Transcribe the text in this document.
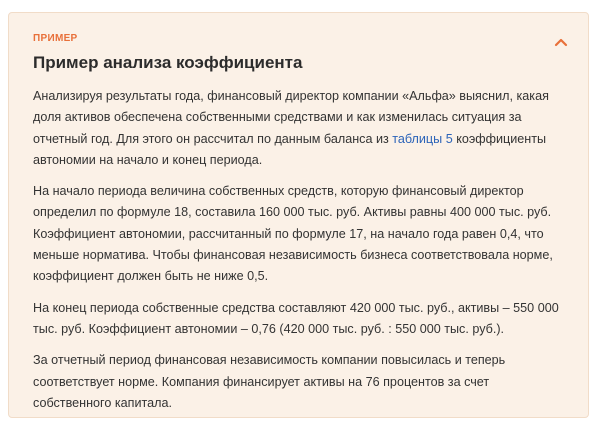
ПРИМЕР
Пример анализа коэффициента

Анализируя результаты года, финансовый директор компании «Альфа» выяснил, какая доля активов обеспечена собственными средствами и как изменилась ситуация за отчетный год. Для этого он рассчитал по данным баланса из таблицы 5 коэффициенты автономии на начало и конец периода.

На начало периода величина собственных средств, которую финансовый директор определил по формуле 18, составила 160 000 тыс. руб. Активы равны 400 000 тыс. руб. Коэффициент автономии, рассчитанный по формуле 17, на начало года равен 0,4, что меньше норматива. Чтобы финансовая независимость бизнеса соответствовала норме, коэффициент должен быть не ниже 0,5.

На конец периода собственные средства составляют 420 000 тыс. руб., активы – 550 000 тыс. руб. Коэффициент автономии – 0,76 (420 000 тыс. руб. : 550 000 тыс. руб.).

За отчетный период финансовая независимость компании повысилась и теперь соответствует норме. Компания финансирует активы на 76 процентов за счет собственного капитала.
